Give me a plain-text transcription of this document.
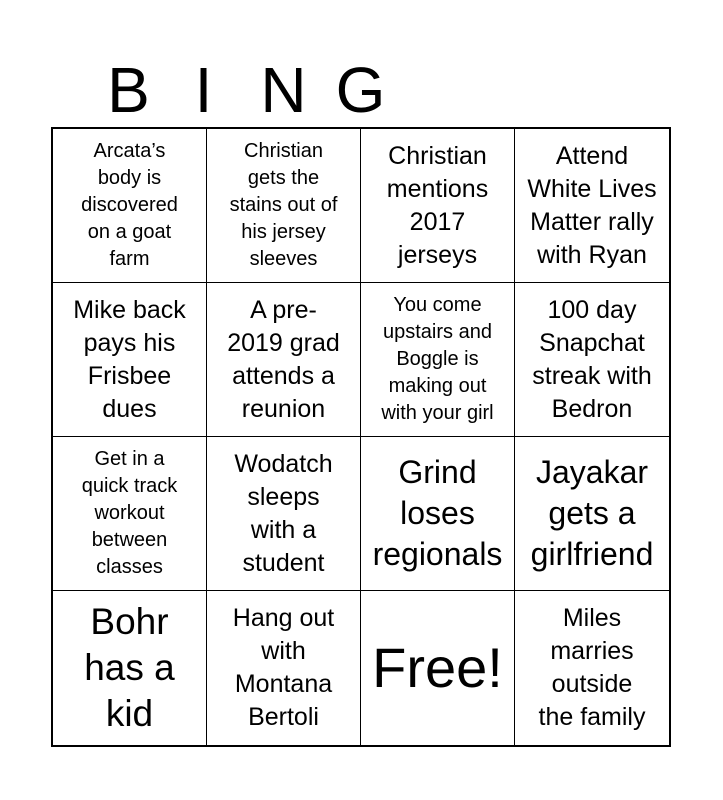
B I N G
Arcata’s
body is
discovered
on a goat
farm
Christian
gets the
stains out of
his jersey
sleeves
Christian
mentions
2017
jerseys
Attend
White Lives
Matter rally
with Ryan
Mike back
pays his
Frisbee
dues
A pre-
2019 grad
attends a
reunion
You come
upstairs and
Boggle is
making out
with your girl
100 day
Snapchat
streak with
Bedron
Get in a
quick track
workout
between
classes
Wodatch
sleeps
with a
student
Grind
loses
regionals
Jayakar
gets a
girlfriend
Bohr
has a
kid
Hang out
with
Montana
Bertoli
Free!
Miles
marries
outside
the family
